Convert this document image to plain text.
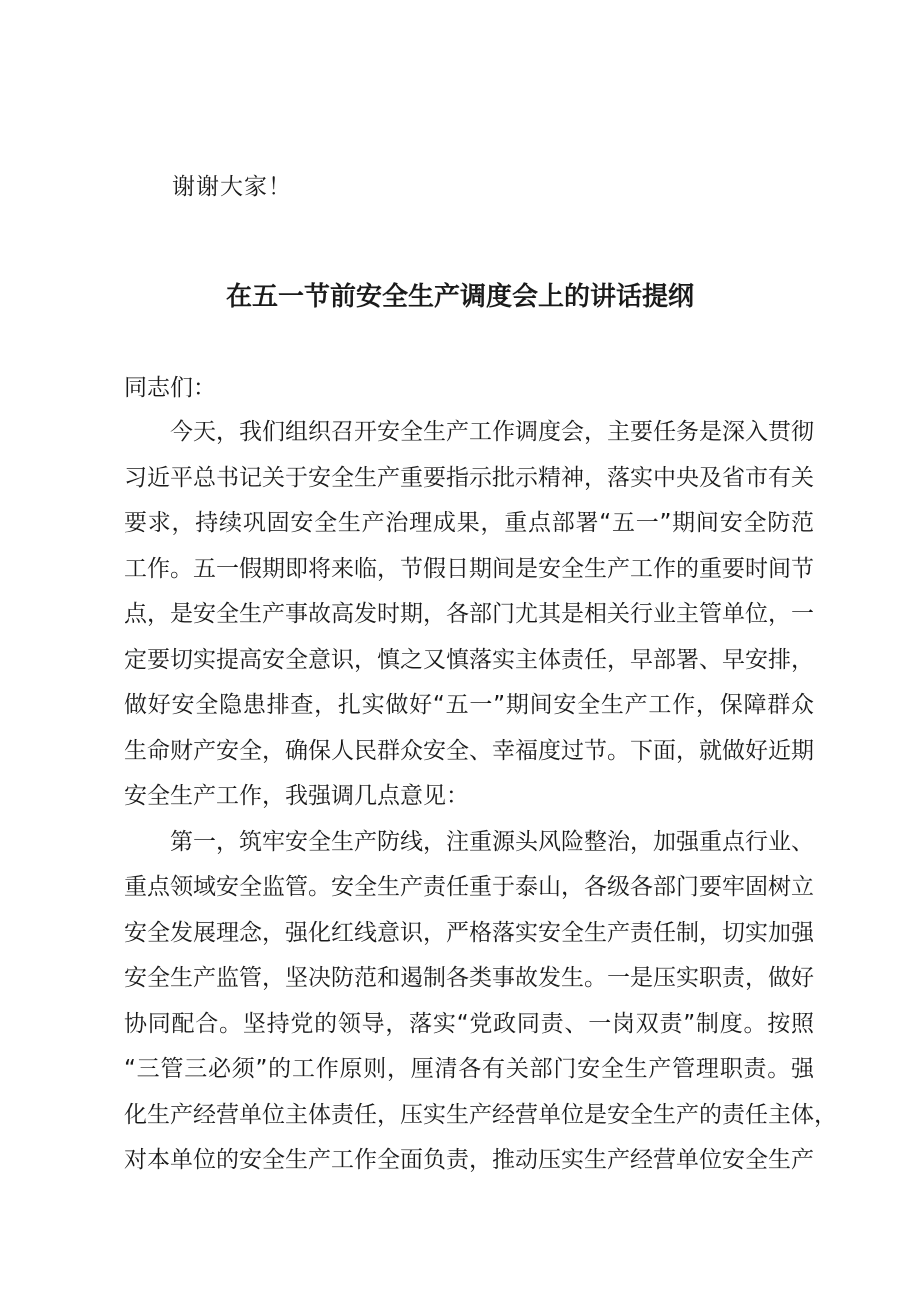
谢谢大家！
在五一节前安全生产调度会上的讲话提纲
同志们：
今天，我们组织召开安全生产工作调度会，主要任务是深入贯彻
习近平总书记关于安全生产重要指示批示精神，落实中央及省市有关
要求，持续巩固安全生产治理成果，重点部署“五一”期间安全防范
工作。五一假期即将来临，节假日期间是安全生产工作的重要时间节
点，是安全生产事故高发时期，各部门尤其是相关行业主管单位，一
定要切实提高安全意识，慎之又慎落实主体责任，早部署、早安排，
做好安全隐患排查，扎实做好“五一”期间安全生产工作，保障群众
生命财产安全，确保人民群众安全、幸福度过节。下面，就做好近期
安全生产工作，我强调几点意见：
第一，筑牢安全生产防线，注重源头风险整治，加强重点行业、
重点领域安全监管。安全生产责任重于泰山，各级各部门要牢固树立
安全发展理念，强化红线意识，严格落实安全生产责任制，切实加强
安全生产监管，坚决防范和遏制各类事故发生。一是压实职责，做好
协同配合。坚持党的领导，落实“党政同责、一岗双责”制度。按照
“三管三必须”的工作原则，厘清各有关部门安全生产管理职责。强
化生产经营单位主体责任，压实生产经营单位是安全生产的责任主体，
对本单位的安全生产工作全面负责，推动压实生产经营单位安全生产
